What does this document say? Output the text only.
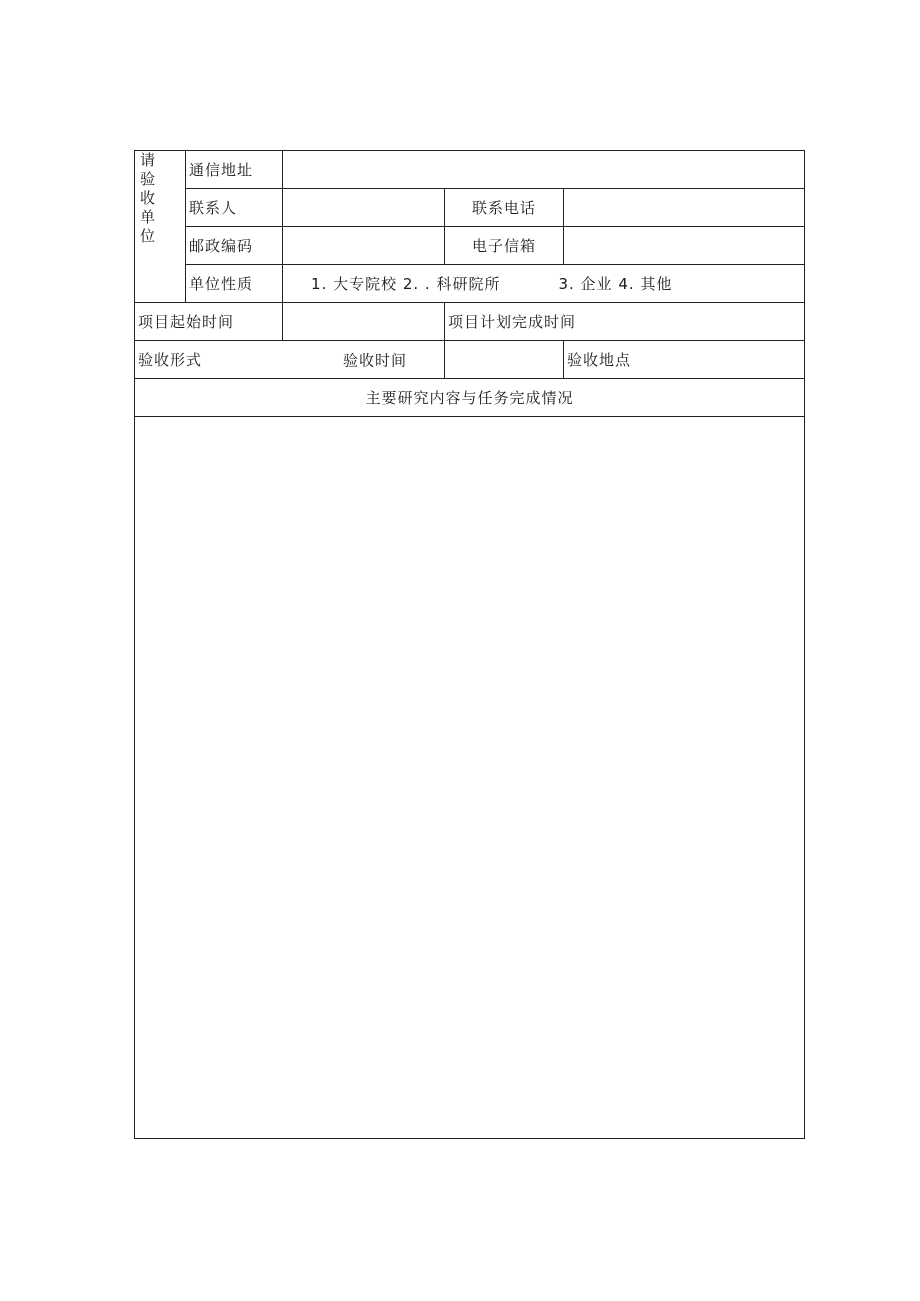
请验收单位	通信地址			
	联系人		联系电话	
	邮政编码		电子信箱	
	单位性质	1. 大专院校 2. . 科研院所 3. 企业 4. 其他		
项目起始时间			项目计划完成时间	
验收形式 验收时间				验收地点
主要研究内容与任务完成情况				
